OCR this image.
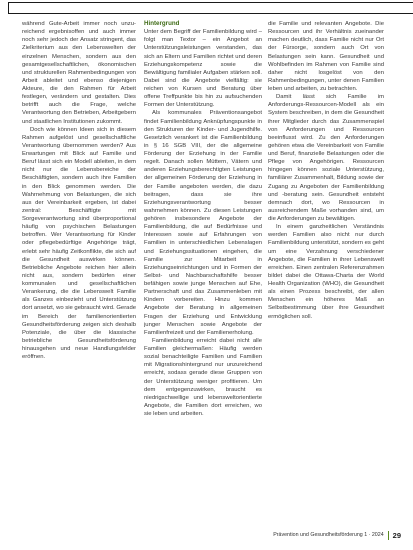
während Gute-Arbeit immer noch unzureichend ergebnisoffen und auch immer noch sehr jedoch der Ansatz stringent, das Zielkriterium aus den Lebenswelten der einzelnen Menschen, sondern aus den gesamtgesellschaftlichen, ökonomischen und strukturellen Rahmenbedingungen von Arbeit ableitet und ebenso diejenigen Akteure, die den Rahmen für Arbeit festlegen, verändern und gestalten. Dies betrifft auch die Frage, welche Verantwortung den Betrieben, Arbeitgebern und staatlichen Institutionen zukommt.

Doch wie können Ideen sich in diesem Rahmen aufgelöst und gesellschaftliche Verantwortung übernommen werden? Aus Erwartungen mit Blick auf Familie und Beruf lässt sich ein Modell ableiten, in dem nicht nur die Lebensbereiche der Beschäftigten, sondern auch ihre Familien in den Blick genommen werden. Die Wahrnehmung von Belastungen, die sich aus der Vereinbarkeit ergeben, ist dabei zentral: Beschäftigte mit Sorgeverantwortung sind überproportional häufig von psychischen Belastungen betroffen. Wer Verantwortung für Kinder oder pflegebedürftige Angehörige trägt, erlebt sehr häufig Zeitkonflikte, die sich auf die Gesundheit auswirken können. Betriebliche Angebote reichen hier allein nicht aus, sondern bedürfen einer kommunalen und gesellschaftlichen Verankerung, die die Lebenswelt Familie als Ganzes einbezieht und Unterstützung dort ansetzt, wo sie gebraucht wird. Gerade im Bereich der familienorientierten Gesundheitsförderung zeigen sich deshalb Potenziale, die über die klassische betriebliche Gesundheitsförderung hinausgehen und neue Handlungsfelder eröffnen.

Hintergrund

Unter dem Begriff der Familienbildung wird – folgt man Textor – ein Angebot an Unterstützungsleistungen verstanden, das sich an Eltern und Familien richtet und deren Erziehungskompetenz sowie die Bewältigung familialer Aufgaben stärken soll. Dabei sind die Angebote vielfältig: sie reichen von Kursen und Beratung über offene Treffpunkte bis hin zu aufsuchenden Formen der Unterstützung.

Als kommunales Präventionsangebot findet Familienbildung Anknüpfungspunkte in den Strukturen der Kinder- und Jugendhilfe. Gesetzlich verankert ist die Familienbildung in § 16 SGB VIII, der die allgemeine Förderung der Erziehung in der Familie regelt. Danach sollen Müttern, Vätern und anderen Erziehungsberechtigten Leistungen der allgemeinen Förderung der Erziehung in der Familie angeboten werden, die dazu beitragen, dass sie ihre Erziehungsverantwortung besser wahrnehmen können. Zu diesen Leistungen gehören insbesondere Angebote der Familienbildung, die auf Bedürfnisse und Interessen sowie auf Erfahrungen von Familien in unterschiedlichen Lebenslagen und Erziehungssituationen eingehen, die Familie zur Mitarbeit in Erziehungseinrichtungen und in Formen der Selbst- und Nachbarschaftshilfe besser befähigen sowie junge Menschen auf Ehe, Partnerschaft und das Zusammenleben mit Kindern vorbereiten. Hinzu kommen Angebote der Beratung in allgemeinen Fragen der Erziehung und Entwicklung junger Menschen sowie Angebote der Familienfreizeit und der Familienerholung.

Familienbildung erreicht dabei nicht alle Familien gleichermaßen: Häufig werden sozial benachteiligte Familien und Familien mit Migrationshintergrund nur unzureichend erreicht, sodass gerade diese Gruppen von der Unterstützung weniger profitieren. Um dem entgegenzuwirken, braucht es niedrigschwellige und lebensweltorientierte Angebote, die Familien dort erreichen, wo sie leben und arbeiten.

die Familie und relevanten Angebote. Die Ressourcen und ihr Verhältnis zueinander machen deutlich, dass Familie nicht nur Ort der Fürsorge, sondern auch Ort von Belastungen sein kann. Gesundheit und Wohlbefinden im Rahmen von Familie sind daher nicht losgelöst von den Rahmenbedingungen, unter denen Familien leben und arbeiten, zu betrachten.

Damit lässt sich Familie im Anforderungs-Ressourcen-Modell als ein System beschreiben, in dem die Gesundheit ihrer Mitglieder durch das Zusammenspiel von Anforderungen und Ressourcen beeinflusst wird. Zu den Anforderungen gehören etwa die Vereinbarkeit von Familie und Beruf, finanzielle Belastungen oder die Pflege von Angehörigen. Ressourcen hingegen können soziale Unterstützung, familiärer Zusammenhalt, Bildung sowie der Zugang zu Angeboten der Familienbildung und -beratung sein. Gesundheit entsteht demnach dort, wo Ressourcen in ausreichendem Maße vorhanden sind, um die Anforderungen zu bewältigen.

In einem ganzheitlichen Verständnis werden Familien also nicht nur durch Familienbildung unterstützt, sondern es geht um eine Verzahnung verschiedener Angebote, die Familien in ihrer Lebenswelt erreichen. Einen zentralen Referenzrahmen bildet dabei die Ottawa-Charta der World Health Organization (WHO), die Gesundheit als einen Prozess beschreibt, der allen Menschen ein höheres Maß an Selbstbestimmung über ihre Gesundheit ermöglichen soll.

Prävention und Gesundheitsförderung 1 · 2024 29
